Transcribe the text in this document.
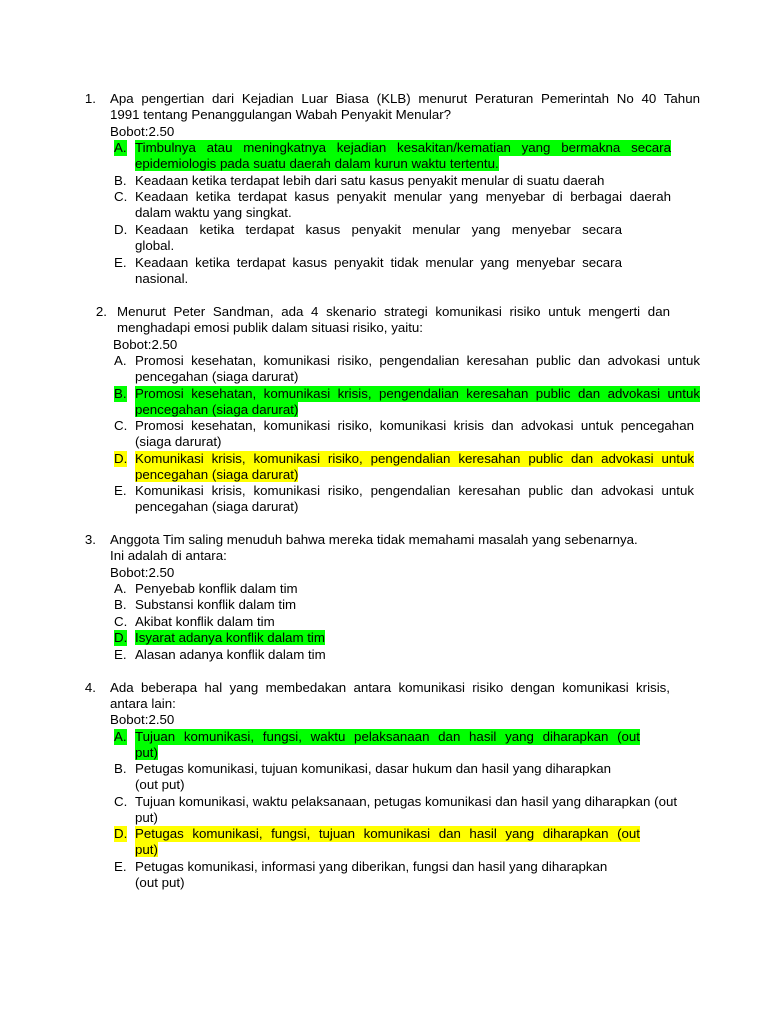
1. Apa pengertian dari Kejadian Luar Biasa (KLB) menurut Peraturan Pemerintah No 40 Tahun
1991 tentang Penanggulangan Wabah Penyakit Menular?
Bobot:2.50
A. Timbulnya atau meningkatnya kejadian kesakitan/kematian yang bermakna secara
epidemiologis pada suatu daerah dalam kurun waktu tertentu.
B. Keadaan ketika terdapat lebih dari satu kasus penyakit menular di suatu daerah
C. Keadaan ketika terdapat kasus penyakit menular yang menyebar di berbagai daerah
dalam waktu yang singkat.
D. Keadaan ketika terdapat kasus penyakit menular yang menyebar secara
global.
E. Keadaan ketika terdapat kasus penyakit tidak menular yang menyebar secara
nasional.
2. Menurut Peter Sandman, ada 4 skenario strategi komunikasi risiko untuk mengerti dan
menghadapi emosi publik dalam situasi risiko, yaitu:
Bobot:2.50
A. Promosi kesehatan, komunikasi risiko, pengendalian keresahan public dan advokasi untuk
pencegahan (siaga darurat)
B. Promosi kesehatan, komunikasi krisis, pengendalian keresahan public dan advokasi untuk
pencegahan (siaga darurat)
C. Promosi kesehatan, komunikasi risiko, komunikasi krisis dan advokasi untuk pencegahan
(siaga darurat)
D. Komunikasi krisis, komunikasi risiko, pengendalian keresahan public dan advokasi untuk
pencegahan (siaga darurat)
E. Komunikasi krisis, komunikasi risiko, pengendalian keresahan public dan advokasi untuk
pencegahan (siaga darurat)
3. Anggota Tim saling menuduh bahwa mereka tidak memahami masalah yang sebenarnya.
Ini adalah di antara:
Bobot:2.50
A. Penyebab konflik dalam tim
B. Substansi konflik dalam tim
C. Akibat konflik dalam tim
D. Isyarat adanya konflik dalam tim
E. Alasan adanya konflik dalam tim
4. Ada beberapa hal yang membedakan antara komunikasi risiko dengan komunikasi krisis,
antara lain:
Bobot:2.50
A. Tujuan komunikasi, fungsi, waktu pelaksanaan dan hasil yang diharapkan (out
put)
B. Petugas komunikasi, tujuan komunikasi, dasar hukum dan hasil yang diharapkan
(out put)
C. Tujuan komunikasi, waktu pelaksanaan, petugas komunikasi dan hasil yang diharapkan (out
put)
D. Petugas komunikasi, fungsi, tujuan komunikasi dan hasil yang diharapkan (out
put)
E. Petugas komunikasi, informasi yang diberikan, fungsi dan hasil yang diharapkan
(out put)
